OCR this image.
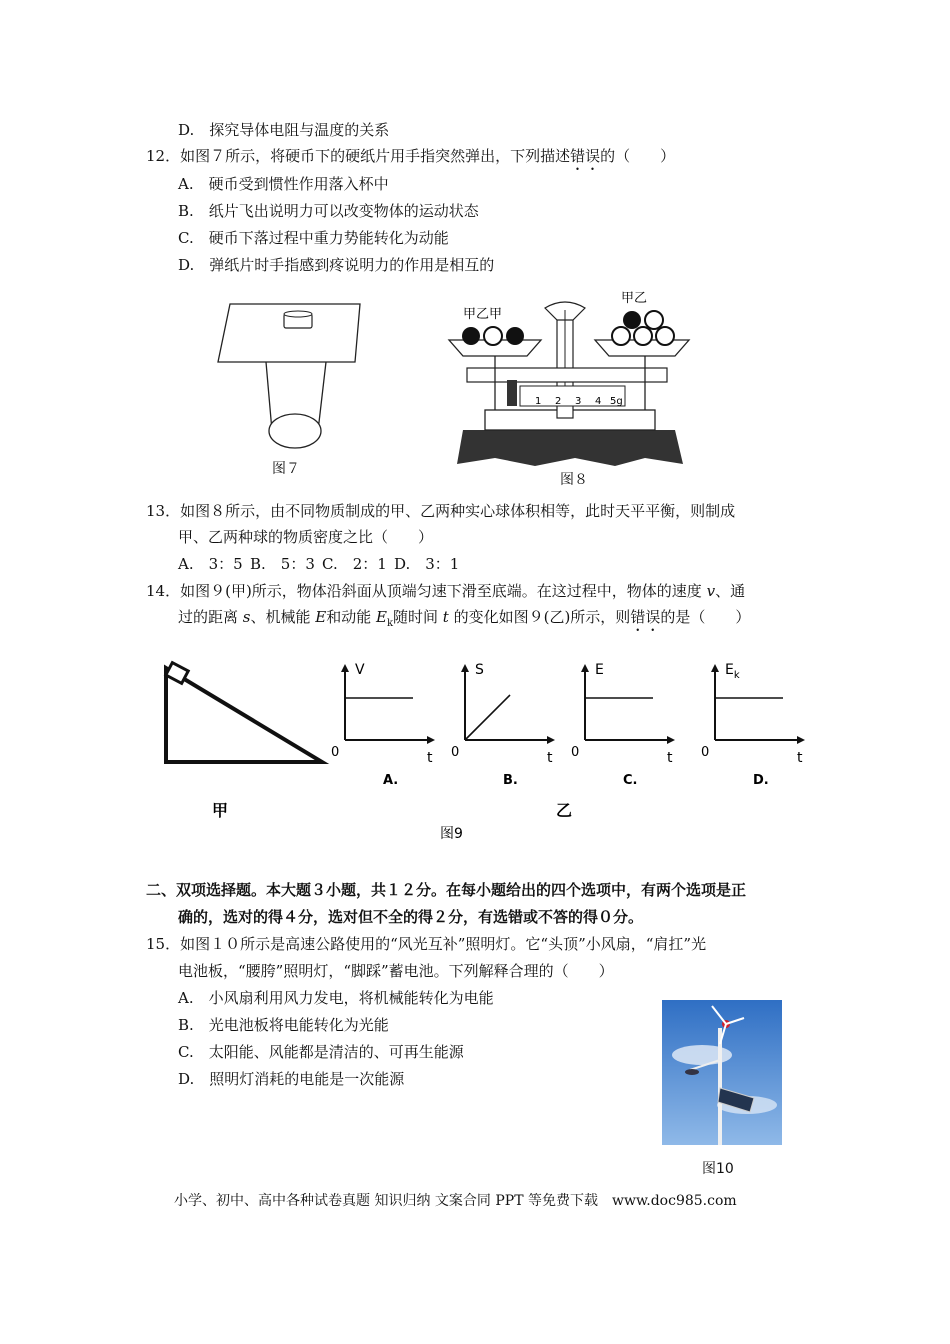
D.　探究导体电阻与温度的关系
12．如图７所示，将硬币下的硬纸片用手指突然弹出，下列描述错误的（　　）
A.　硬币受到惯性作用落入杯中
B.　纸片飞出说明力可以改变物体的运动状态
C.　硬币下落过程中重力势能转化为动能
D.　弹纸片时手指感到疼说明力的作用是相互的
图７
1 2 3 4 5g
甲乙甲
甲乙
图８
13．如图８所示，由不同物质制成的甲、乙两种实心球体积相等，此时天平平衡，则制成
甲、乙两种球的物质密度之比（　　）
A.　3：5 B.　5：3 C.　2：1 D.　3：1
14．如图９(甲)所示，物体沿斜面从顶端匀速下滑至底端。在这过程中，物体的速度 v、通
过的距离 s、机械能 E和动能 $E_k$随时间 t 的变化如图９(乙)所示，则错误的是（　　）
甲	乙
图9
V
t
0
A.
S
t
0
B.
E
t
0
C.
$E_k$
t
0
D.
二、双项选择题。本大题３小题，共１２分。在每小题给出的四个选项中，有两个选项是正
确的，选对的得４分，选对但不全的得２分，有选错或不答的得０分。
15．如图１０所示是高速公路使用的“风光互补”照明灯。它“头顶”小风扇，“肩扛”光
电池板，“腰胯”照明灯，“脚踩”蓄电池。下列解释合理的（　　）
A.　小风扇利用风力发电，将机械能转化为电能
B.　光电池板将电能转化为光能
C.　太阳能、风能都是清洁的、可再生能源
D.　照明灯消耗的电能是一次能源
图10
小学、初中、高中各种试卷真题 知识归纳 文案合同 PPT 等免费下载　www.doc985.com
